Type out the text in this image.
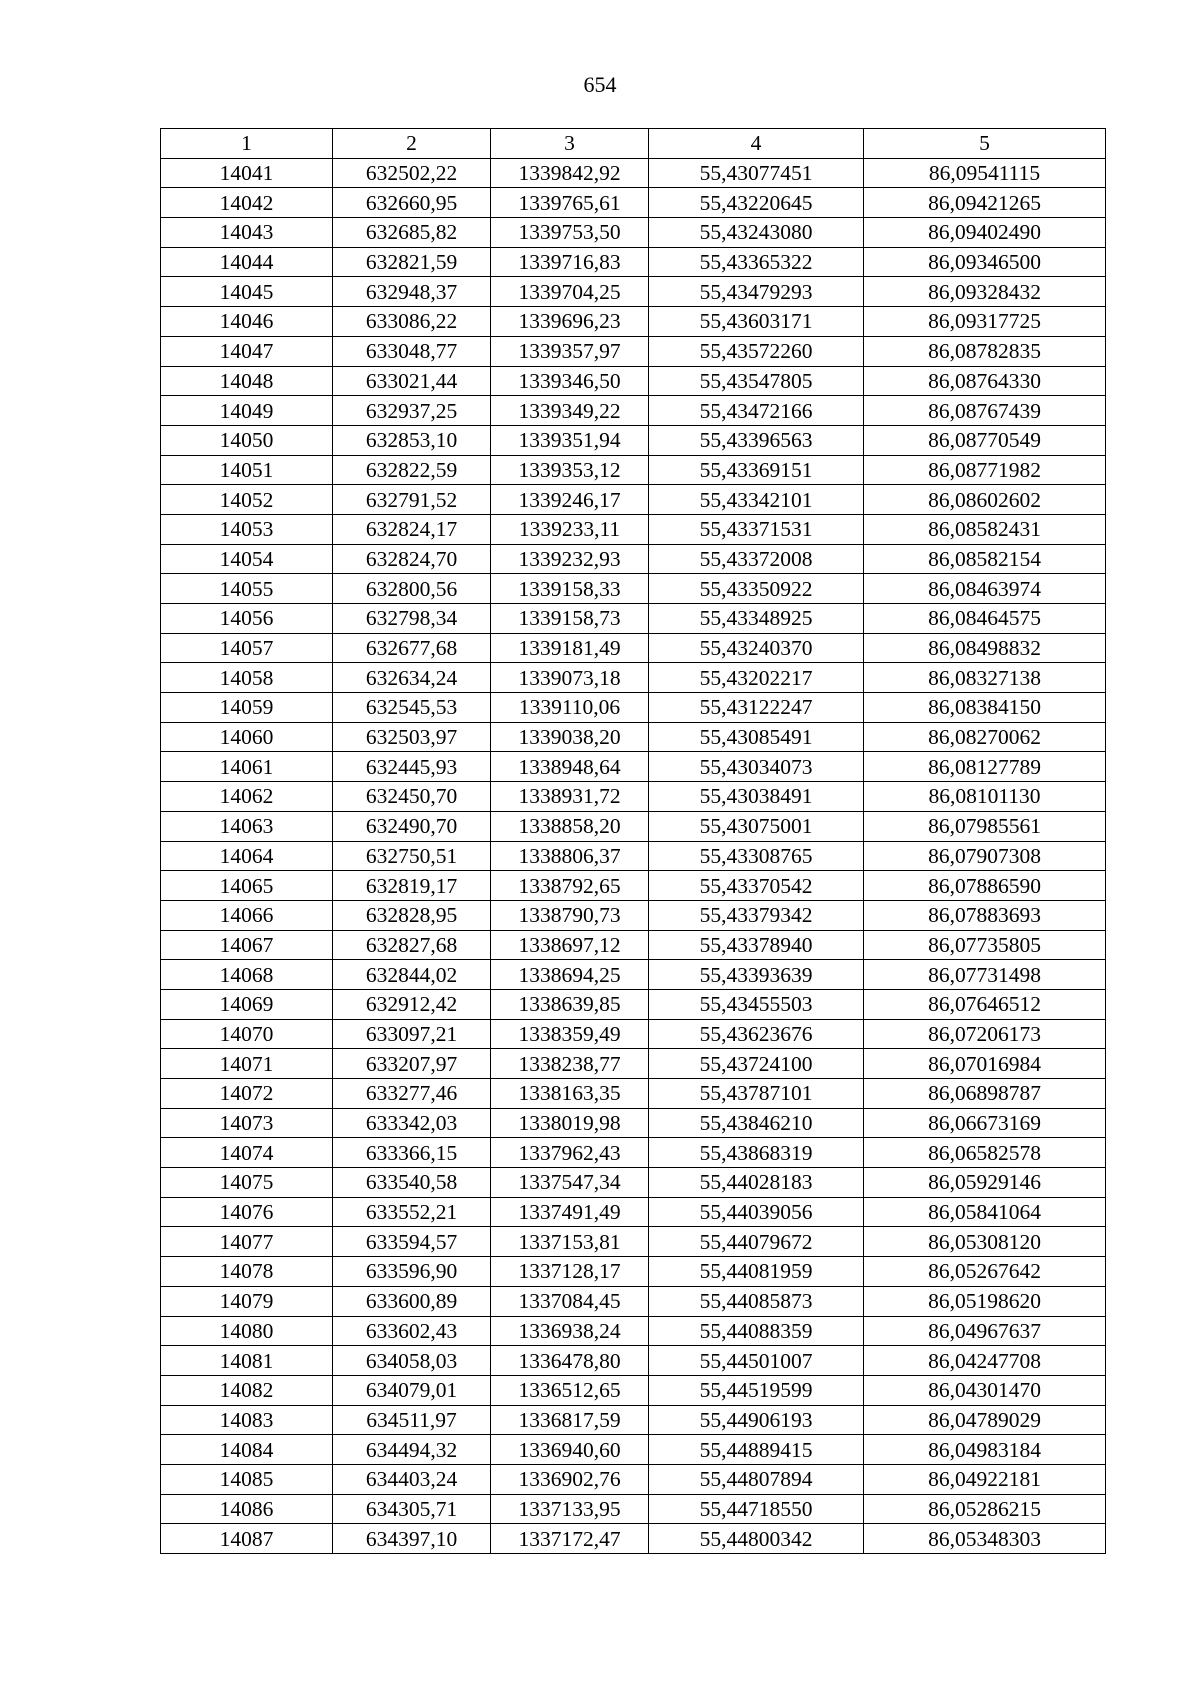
654
1	2	3	4	5
14041	632502,22	1339842,92	55,43077451	86,09541115
14042	632660,95	1339765,61	55,43220645	86,09421265
14043	632685,82	1339753,50	55,43243080	86,09402490
14044	632821,59	1339716,83	55,43365322	86,09346500
14045	632948,37	1339704,25	55,43479293	86,09328432
14046	633086,22	1339696,23	55,43603171	86,09317725
14047	633048,77	1339357,97	55,43572260	86,08782835
14048	633021,44	1339346,50	55,43547805	86,08764330
14049	632937,25	1339349,22	55,43472166	86,08767439
14050	632853,10	1339351,94	55,43396563	86,08770549
14051	632822,59	1339353,12	55,43369151	86,08771982
14052	632791,52	1339246,17	55,43342101	86,08602602
14053	632824,17	1339233,11	55,43371531	86,08582431
14054	632824,70	1339232,93	55,43372008	86,08582154
14055	632800,56	1339158,33	55,43350922	86,08463974
14056	632798,34	1339158,73	55,43348925	86,08464575
14057	632677,68	1339181,49	55,43240370	86,08498832
14058	632634,24	1339073,18	55,43202217	86,08327138
14059	632545,53	1339110,06	55,43122247	86,08384150
14060	632503,97	1339038,20	55,43085491	86,08270062
14061	632445,93	1338948,64	55,43034073	86,08127789
14062	632450,70	1338931,72	55,43038491	86,08101130
14063	632490,70	1338858,20	55,43075001	86,07985561
14064	632750,51	1338806,37	55,43308765	86,07907308
14065	632819,17	1338792,65	55,43370542	86,07886590
14066	632828,95	1338790,73	55,43379342	86,07883693
14067	632827,68	1338697,12	55,43378940	86,07735805
14068	632844,02	1338694,25	55,43393639	86,07731498
14069	632912,42	1338639,85	55,43455503	86,07646512
14070	633097,21	1338359,49	55,43623676	86,07206173
14071	633207,97	1338238,77	55,43724100	86,07016984
14072	633277,46	1338163,35	55,43787101	86,06898787
14073	633342,03	1338019,98	55,43846210	86,06673169
14074	633366,15	1337962,43	55,43868319	86,06582578
14075	633540,58	1337547,34	55,44028183	86,05929146
14076	633552,21	1337491,49	55,44039056	86,05841064
14077	633594,57	1337153,81	55,44079672	86,05308120
14078	633596,90	1337128,17	55,44081959	86,05267642
14079	633600,89	1337084,45	55,44085873	86,05198620
14080	633602,43	1336938,24	55,44088359	86,04967637
14081	634058,03	1336478,80	55,44501007	86,04247708
14082	634079,01	1336512,65	55,44519599	86,04301470
14083	634511,97	1336817,59	55,44906193	86,04789029
14084	634494,32	1336940,60	55,44889415	86,04983184
14085	634403,24	1336902,76	55,44807894	86,04922181
14086	634305,71	1337133,95	55,44718550	86,05286215
14087	634397,10	1337172,47	55,44800342	86,05348303
